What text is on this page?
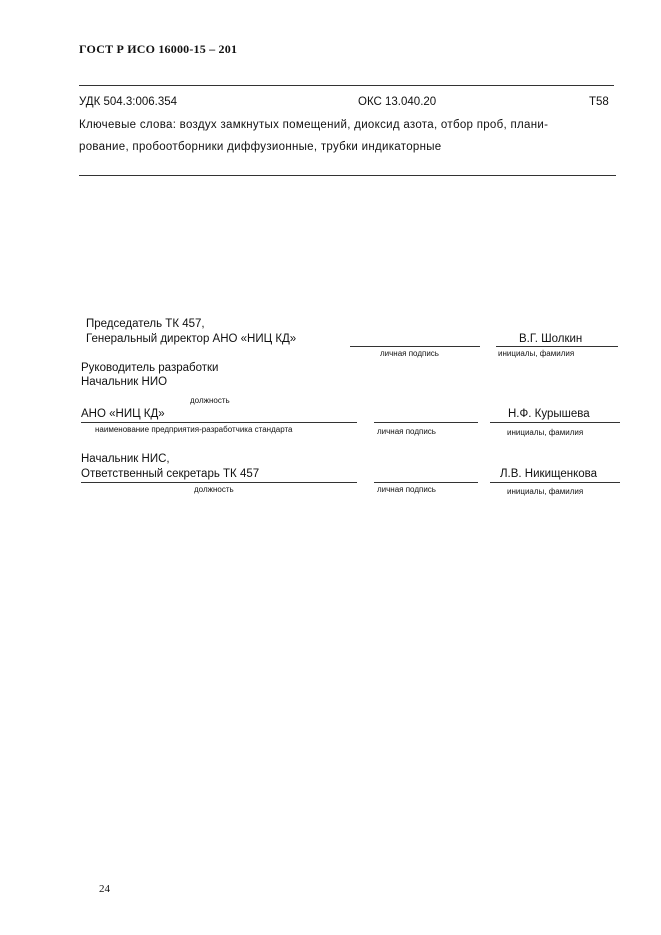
ГОСТ Р ИСО 16000-15 – 201
УДК 504.3:006.354	ОКС 13.040.20	Т58
Ключевые слова: воздух замкнутых помещений, диоксид азота, отбор проб, плани-
рование, пробоотборники диффузионные, трубки индикаторные
Председатель ТК 457,
Генеральный директор АНО «НИЦ КД»	В.Г. Шолкин
личная подпись	инициалы, фамилия
Руководитель разработки
Начальник НИО
должность
АНО «НИЦ КД»	Н.Ф. Курышева
наименование предприятия-разработчика стандарта	личная подпись	инициалы, фамилия
Начальник НИС,
Ответственный секретарь ТК 457	Л.В. Никищенкова
должность	личная подпись	инициалы, фамилия
24
